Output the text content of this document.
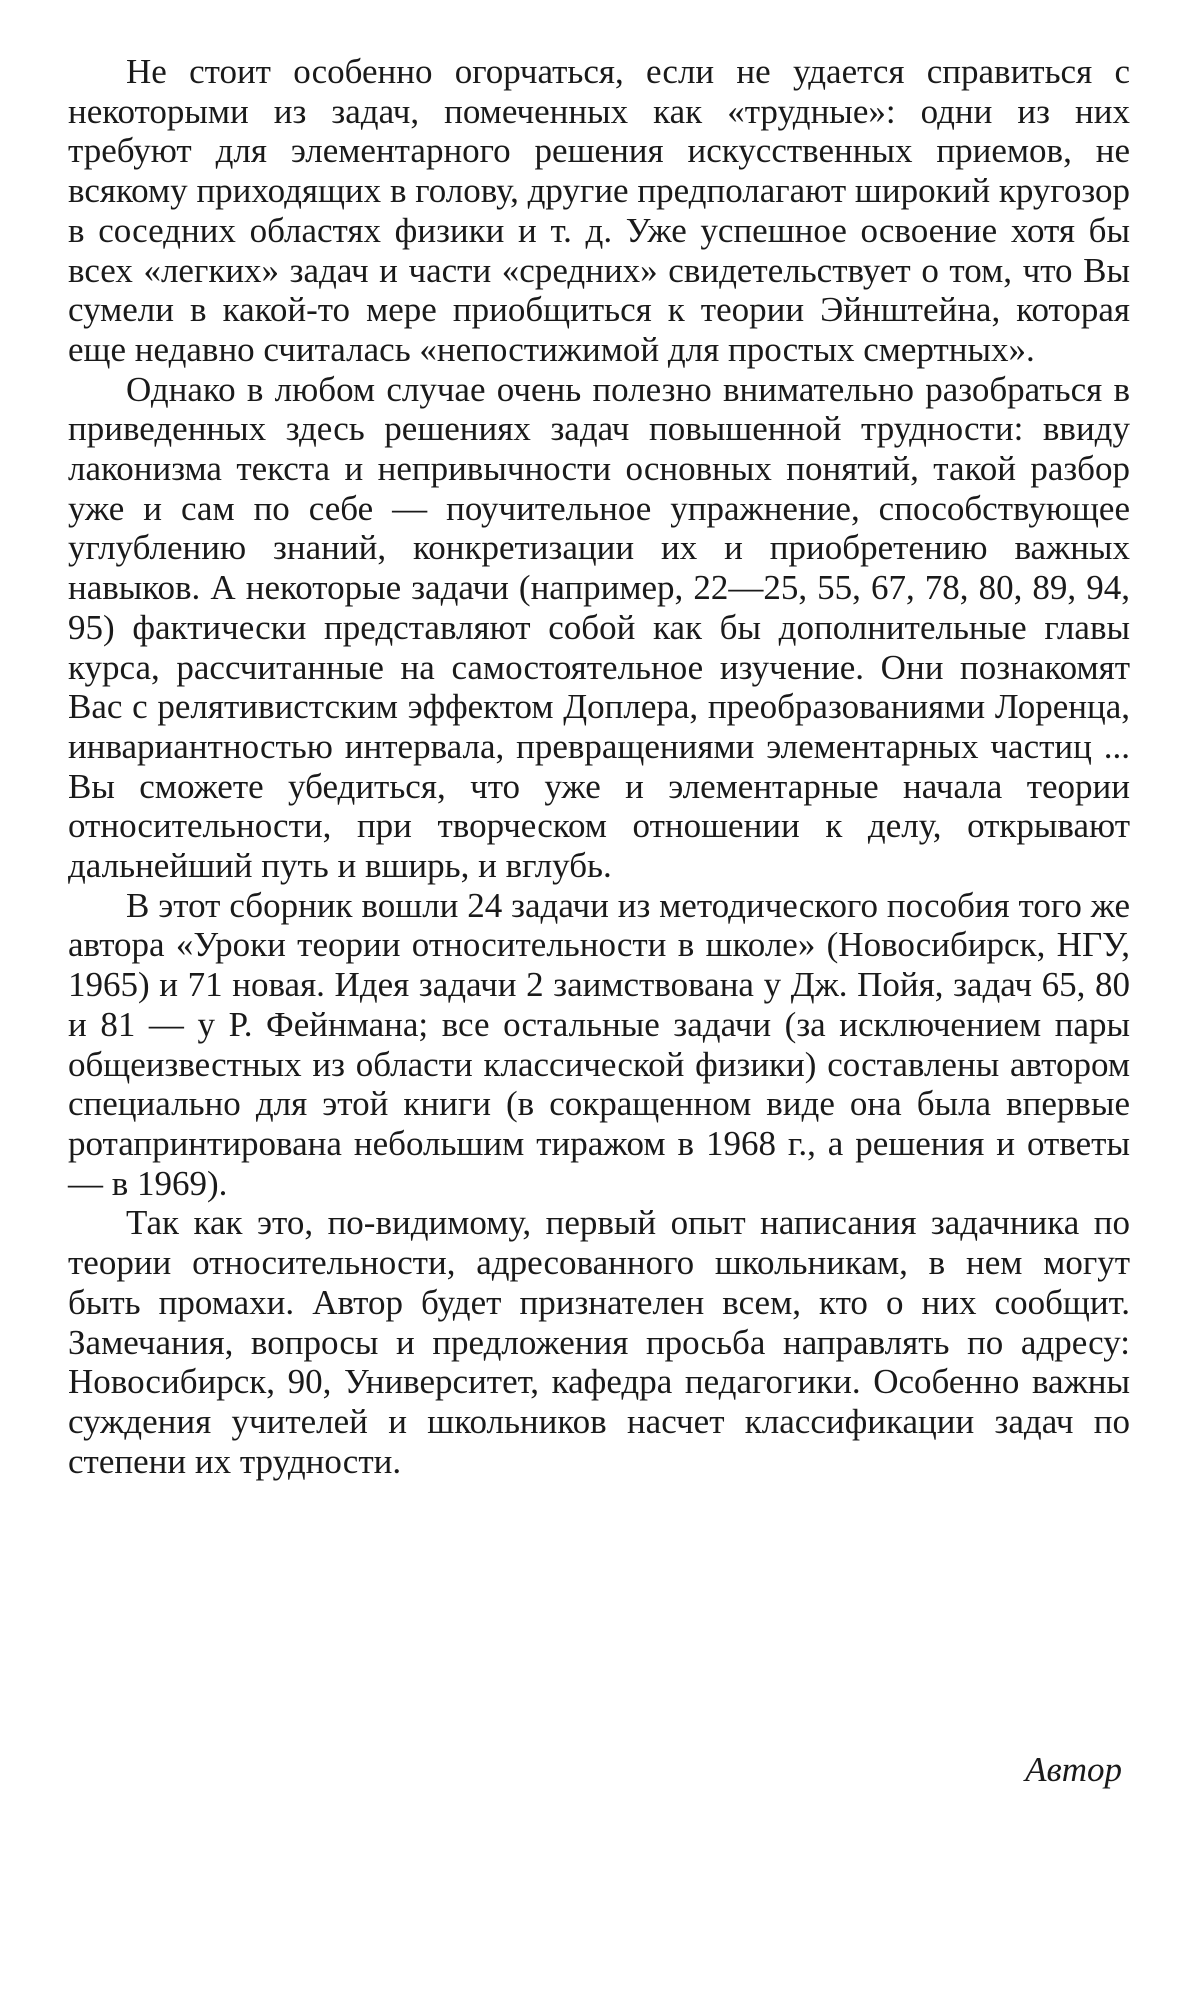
Не стоит особенно огорчаться, если не удается справиться с некоторыми из задач, помеченных как «трудные»: одни из них требуют для элементарного решения искусственных приемов, не всякому приходящих в голову, другие предполагают широкий кругозор в соседних областях физики и т. д. Уже успешное освоение хотя бы всех «легких» задач и части «средних» свидетельствует о том, что Вы сумели в какой-то мере приобщиться к теории Эйнштейна, которая еще недавно считалась «непостижимой для простых смертных».

Однако в любом случае очень полезно внимательно разобраться в приведенных здесь решениях задач повышенной трудности: ввиду лаконизма текста и непривычности основных понятий, такой разбор уже и сам по себе — поучительное упражнение, способствующее углублению знаний, конкретизации их и приобретению важных навыков. А некоторые задачи (например, 22—25, 55, 67, 78, 80, 89, 94, 95) фактически представляют собой как бы дополнительные главы курса, рассчитанные на самостоятельное изучение. Они познакомят Вас с релятивистским эффектом Доплера, преобразованиями Лоренца, инвариантностью интервала, превращениями элементарных частиц ... Вы сможете убедиться, что уже и элементарные начала теории относительности, при творческом отношении к делу, открывают дальнейший путь и вширь, и вглубь.

В этот сборник вошли 24 задачи из методического пособия того же автора «Уроки теории относительности в школе» (Новосибирск, НГУ, 1965) и 71 новая. Идея задачи 2 заимствована у Дж. Пойя, задач 65, 80 и 81 — у Р. Фейнмана; все остальные задачи (за исключением пары общеизвестных из области классической физики) составлены автором специально для этой книги (в сокращенном виде она была впервые ротапринтирована небольшим тиражом в 1968 г., а решения и ответы — в 1969).

Так как это, по-видимому, первый опыт написания задачника по теории относительности, адресованного школьникам, в нем могут быть промахи. Автор будет признателен всем, кто о них сообщит. Замечания, вопросы и предложения просьба направлять по адресу: Новосибирск, 90, Университет, кафедра педагогики. Особенно важны суждения учителей и школьников насчет классификации задач по степени их трудности.

Автор
